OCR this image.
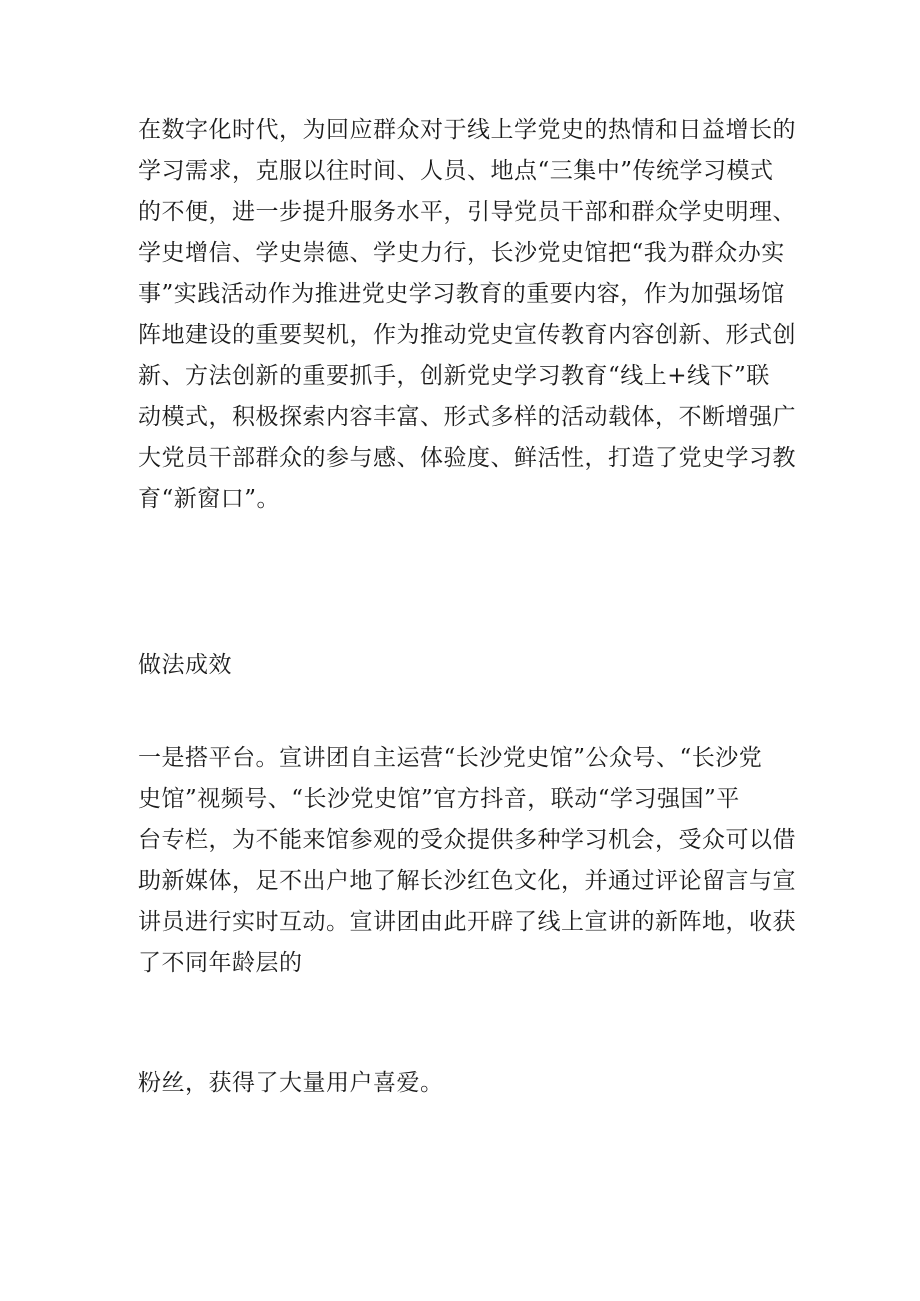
在数字化时代，为回应群众对于线上学党史的热情和日益增长的
学习需求，克服以往时间、人员、地点“三集中”传统学习模式
的不便，进一步提升服务水平，引导党员干部和群众学史明理、
学史增信、学史崇德、学史力行，长沙党史馆把“我为群众办实
事”实践活动作为推进党史学习教育的重要内容，作为加强场馆
阵地建设的重要契机，作为推动党史宣传教育内容创新、形式创
新、方法创新的重要抓手，创新党史学习教育“线上+线下”联
动模式，积极探索内容丰富、形式多样的活动载体，不断增强广
大党员干部群众的参与感、体验度、鲜活性，打造了党史学习教
育“新窗口”。
做法成效
一是搭平台。宣讲团自主运营“长沙党史馆”公众号、“长沙党
史馆”视频号、“长沙党史馆”官方抖音，联动“学习强国”平
台专栏，为不能来馆参观的受众提供多种学习机会，受众可以借
助新媒体，足不出户地了解长沙红色文化，并通过评论留言与宣
讲员进行实时互动。宣讲团由此开辟了线上宣讲的新阵地，收获
了不同年龄层的
粉丝，获得了大量用户喜爱。
